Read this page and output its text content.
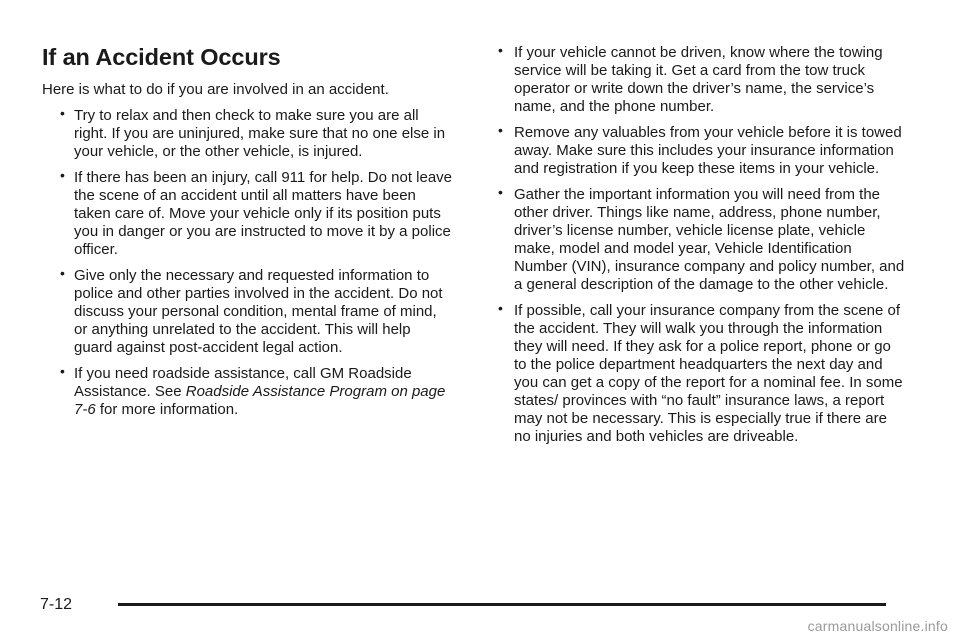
If an Accident Occurs

Here is what to do if you are involved in an accident.

• Try to relax and then check to make sure you are all right. If you are uninjured, make sure that no one else in your vehicle, or the other vehicle, is injured.
• If there has been an injury, call 911 for help. Do not leave the scene of an accident until all matters have been taken care of. Move your vehicle only if its position puts you in danger or you are instructed to move it by a police officer.
• Give only the necessary and requested information to police and other parties involved in the accident. Do not discuss your personal condition, mental frame of mind, or anything unrelated to the accident. This will help guard against post-accident legal action.
• If you need roadside assistance, call GM Roadside Assistance. See Roadside Assistance Program on page 7-6 for more information.
• If your vehicle cannot be driven, know where the towing service will be taking it. Get a card from the tow truck operator or write down the driver’s name, the service’s name, and the phone number.
• Remove any valuables from your vehicle before it is towed away. Make sure this includes your insurance information and registration if you keep these items in your vehicle.
• Gather the important information you will need from the other driver. Things like name, address, phone number, driver’s license number, vehicle license plate, vehicle make, model and model year, Vehicle Identification Number (VIN), insurance company and policy number, and a general description of the damage to the other vehicle.
• If possible, call your insurance company from the scene of the accident. They will walk you through the information they will need. If they ask for a police report, phone or go to the police department headquarters the next day and you can get a copy of the report for a nominal fee. In some states/ provinces with “no fault” insurance laws, a report may not be necessary. This is especially true if there are no injuries and both vehicles are driveable.
7-12
carmanualsonline.info
